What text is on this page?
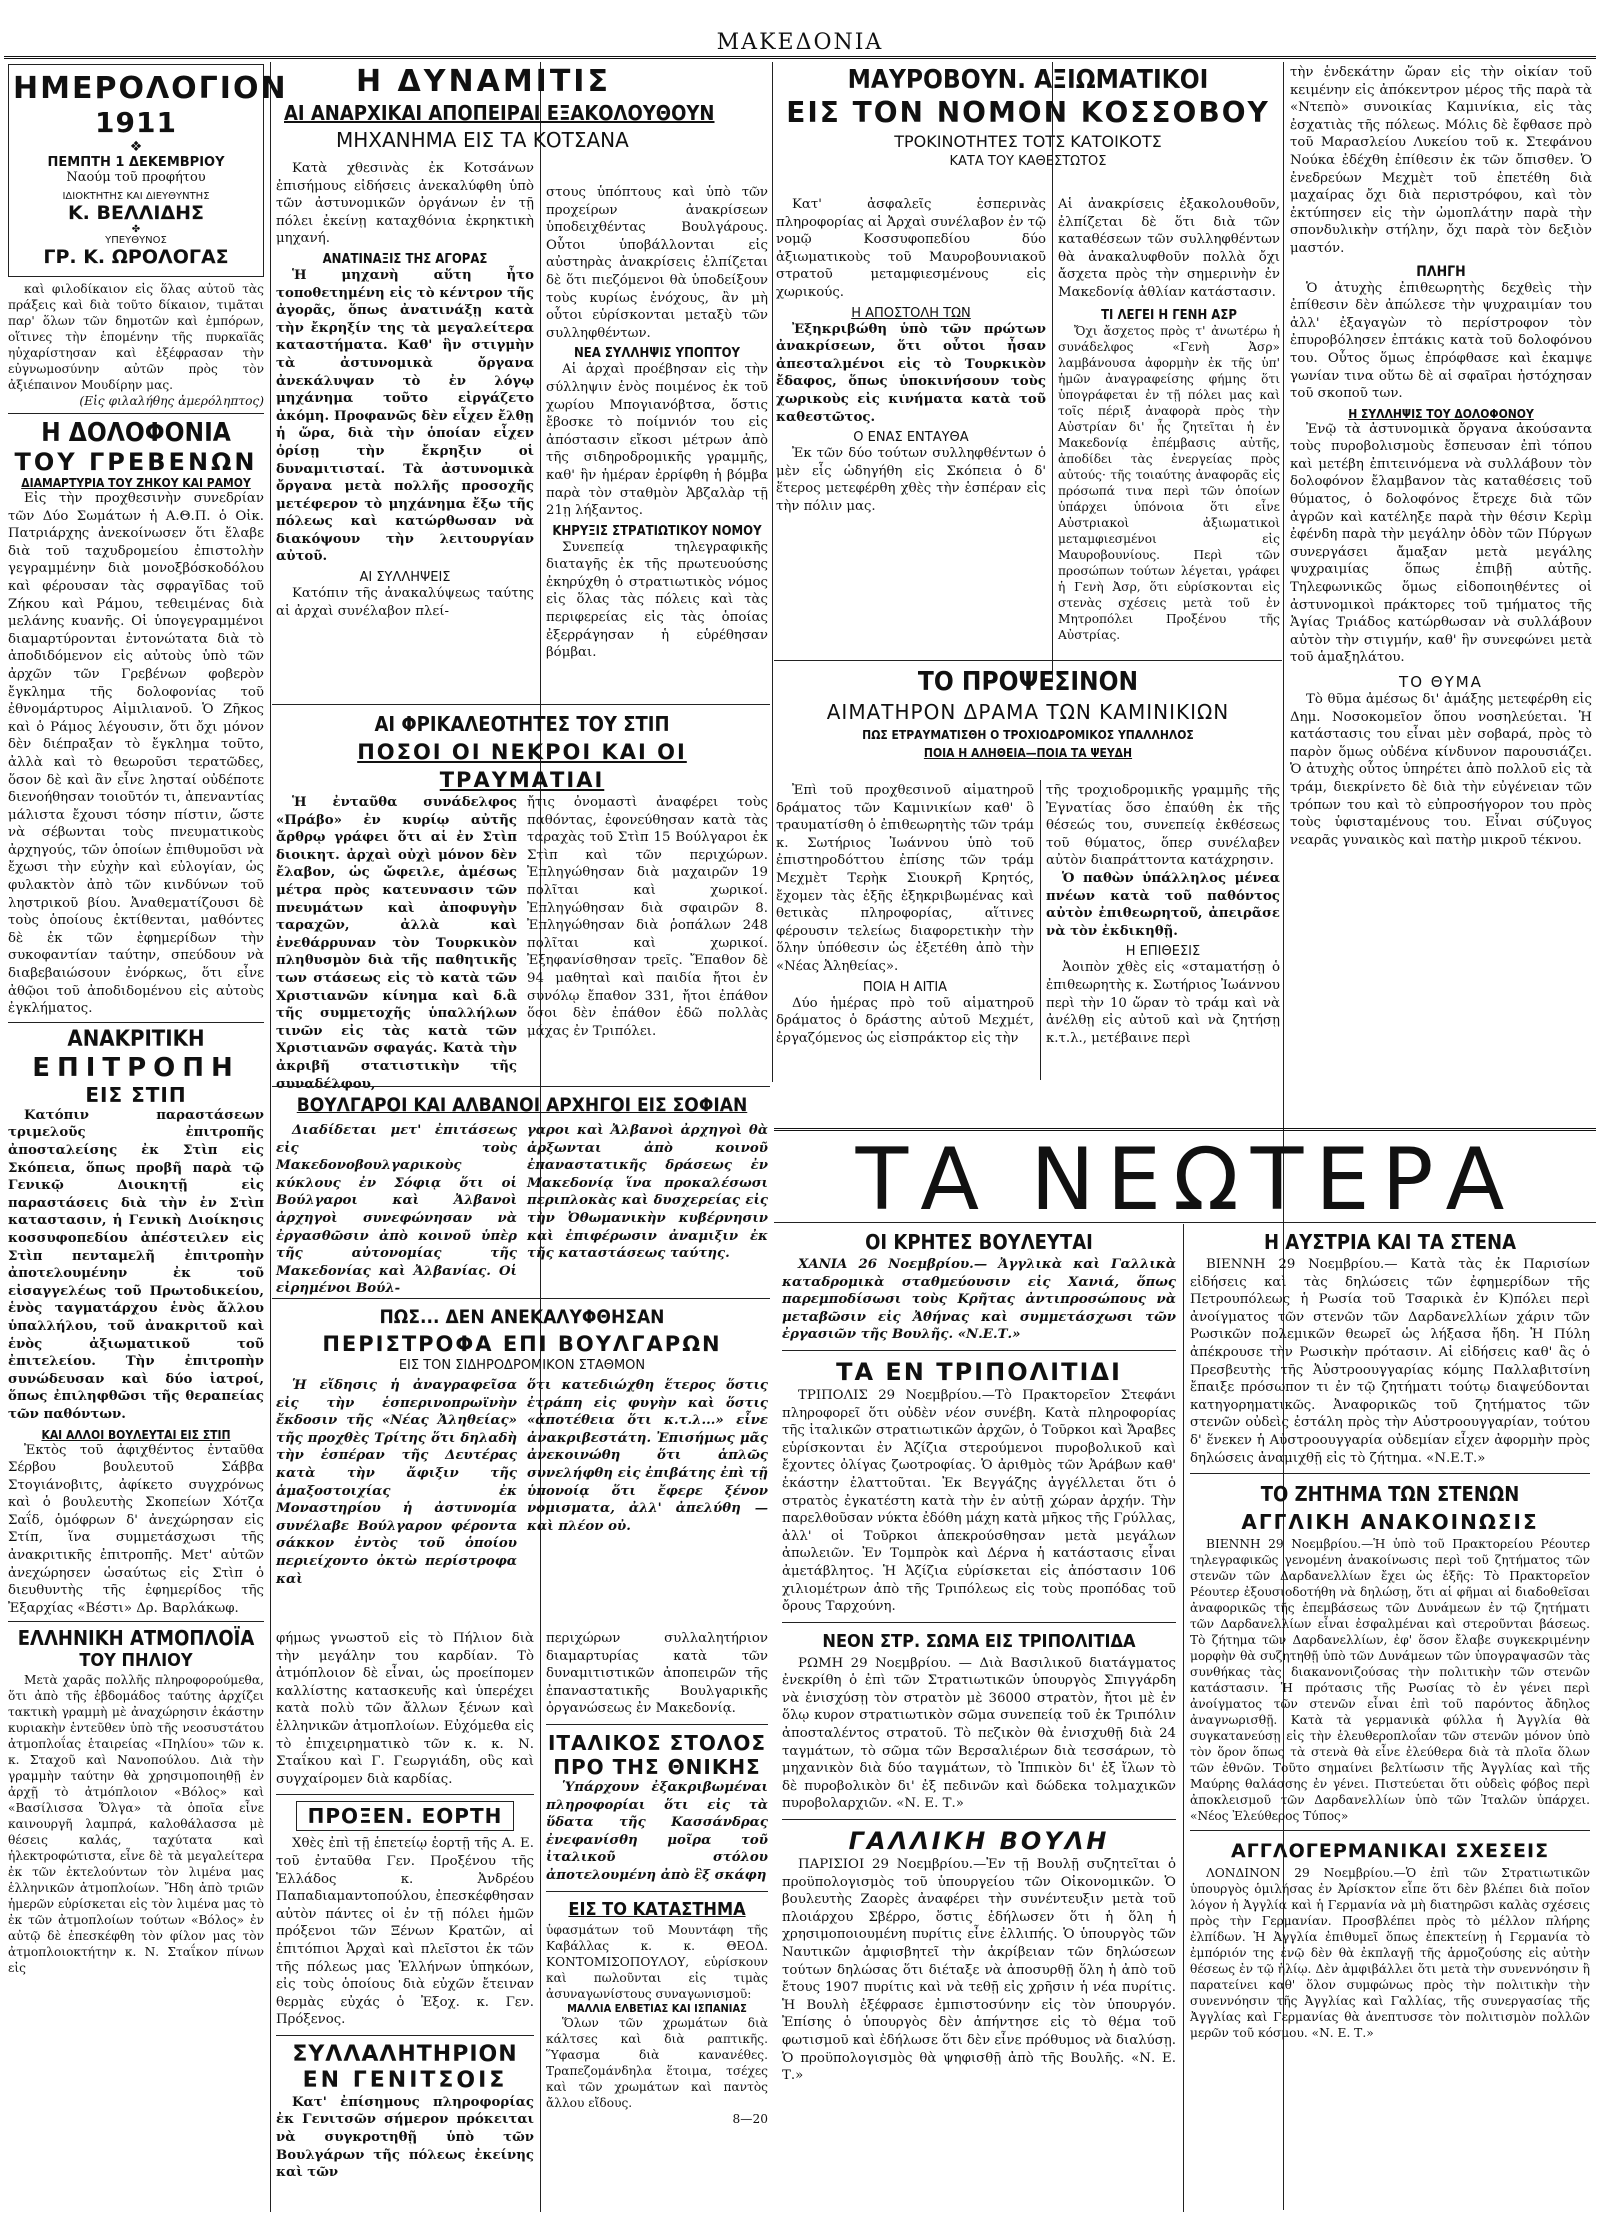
ΜΑΚΕΔΟΝΙΑ
ΗΜΕΡΟΛΟΓΙΟΝ
1911
❖
ΠΕΜΠΤΗ 1 ΔΕΚΕΜΒΡΙΟΥ
Ναούμ τοῦ προφήτου
ΙΔΙΟΚΤΗΤΗΣ ΚΑΙ ΔΙΕΥΘΥΝΤΗΣ
Κ. ΒΕΛΛΙΔΗΣ
✤
ΥΠΕΥΘΥΝΟΣ
ΓΡ. Κ. ΩΡΟΛΟΓΑΣ

καὶ φιλοδίκαιον εἰς ὅλας αὐτοῦ τὰς πράξεις καὶ διὰ τοῦτο δίκαιον, τιμᾶται παρ' ὅλων τῶν δημοτῶν καὶ ἐμπόρων, οἵτινες τὴν ἑπομένην τῆς πυρκαϊᾶς ηὐχαρίστησαν καὶ ἐξέφρασαν τὴν εὐγνωμοσύνην αὐτῶν πρὸς τὸν ἀξιέπαινον Μουδίρην μας.

(Εἰς φιλαλήθης ἀμερόληπτος)

Η ΔΟΛΟΦΟΝΙΑ
ΤΟΥ ΓΡΕΒΕΝΩΝ
ΔΙΑΜΑΡΤΥΡΙΑ ΤΟΥ ΖΗΚΟΥ ΚΑΙ ΡΑΜΟΥ

Εἰς τὴν προχθεσινὴν συνεδρίαν τῶν Δύο Σωμάτων ἡ Α.Θ.Π. ὁ Οἰκ. Πατριάρχης ἀνεκοίνωσεν ὅτι ἔλαβε διὰ τοῦ ταχυδρομείου ἐπιστολὴν γεγραμμένην διὰ μονοξβόσκοδόλου καὶ φέρουσαν τὰς σφραγῖδας τοῦ Ζήκου καὶ Ράμου, τεθειμένας διὰ μελάνης κυανῆς. Οἱ ὑπογεγραμμένοι διαμαρτύρονται ἐντονώτατα διὰ τὸ ἀποδιδόμενον εἰς αὐτοὺς ὑπὸ τῶν ἀρχῶν τῶν Γρεβένων φοβερὸν ἔγκλημα τῆς δολοφονίας τοῦ ἐθνομάρτυρος Αἰμιλιανοῦ. Ὁ Ζῆκος καὶ ὁ Ράμος λέγουσιν, ὅτι ὄχι μόνον δὲν διέπραξαν τὸ ἔγκλημα τοῦτο, ἀλλὰ καὶ τὸ θεωροῦσι τερατῶδες, ὅσον δὲ καὶ ἂν εἶνε λησταί οὐδέποτε διενοήθησαν τοιοῦτόν τι, ἀπεναντίας μάλιστα ἔχουσι τόσην πίστιν, ὥστε νὰ σέβωνται τοὺς πνευματικοὺς ἀρχηγούς, τῶν ὁποίων ἐπιθυμοῦσι νὰ ἔχωσι τὴν εὐχὴν καὶ εὐλογίαν, ὡς φυλακτὸν ἀπὸ τῶν κινδύνων τοῦ ληστρικοῦ βίου. Ἀναθεματίζουσι δὲ τοὺς ὁποίους ἐκτίθενται, μαθόντες δὲ ἐκ τῶν ἐφημερίδων τὴν συκοφαντίαν ταύτην, σπεύδουν νὰ διαβεβαιώσουν ἐνόρκως, ὅτι εἶνε ἀθῷοι τοῦ ἀποδιδομένου εἰς αὐτοὺς ἐγκλήματος.

ΑΝΑΚΡΙΤΙΚΗ
ΕΠΙΤΡΟΠΗ
ΕΙΣ ΣΤΙΠ

Κατόπιν παραστάσεων τριμελοῦς ἐπιτροπῆς ἀποσταλείσης ἐκ Στὶπ εἰς Σκόπεια, ὅπως προβῆ παρὰ τῷ Γενικῷ Διοικητῇ εἰς παραστάσεις διὰ τὴν ἐν Στὶπ καταστασιν, ἡ Γενικὴ Διοίκησις κοσσυφοπεδίου ἀπέστειλεν εἰς Στὶπ πενταμελῆ ἐπιτροπὴν ἀποτελουμένην ἐκ τοῦ εἰσαγγελέως τοῦ Πρωτοδικείου, ἑνὸς ταγματάρχου ἑνὸς ἄλλου ὑπαλλήλου, τοῦ ἀνακριτοῦ καὶ ἑνὸς ἀξιωματικοῦ τοῦ ἐπιτελείου. Τὴν ἐπιτροπὴν συνώδευσαν καὶ δύο ἰατροί, ὅπως ἐπιληφθῶσι τῆς θεραπείας τῶν παθόντων.

ΚΑΙ ΑΛΛΟΙ ΒΟΥΛΕΥΤΑΙ ΕΙΣ ΣΤΙΠ

Ἐκτὸς τοῦ ἀφιχθέντος ἐνταῦθα Σέρβου βουλευτοῦ Σάββα Στογιάνοβιτς, ἀφίκετο συγχρόνως καὶ ὁ βουλευτὴς Σκοπείων Χότζα Σαΐδ, ὁμόφρων δ' ἀνεχώρησαν εἰς Στίπ, ἵνα συμμετάσχωσι τῆς ἀνακριτικῆς ἐπιτροπῆς. Μετ' αὐτῶν ἀνεχώρησεν ὡσαύτως εἰς Στὶπ ὁ διευθυντὴς τῆς ἐφημερίδος τῆς Ἐξαρχίας «Βέστι» Δρ. Βαρλάκωφ.

ΕΛΛΗΝΙΚΗ ΑΤΜΟΠΛΟΪΑ
ΤΟΥ ΠΗΛΙΟΥ

Μετὰ χαρᾶς πολλῆς πληροφορούμεθα, ὅτι ἀπὸ τῆς ἑβδομάδος ταύτης ἀρχίζει τακτικὴ γραμμὴ μὲ ἀναχώρησιν ἑκάστην κυριακὴν ἐντεῦθεν ὑπὸ τῆς νεοσυστάτου ἀτμοπλοΐας ἑταιρείας «Πηλίου» τῶν κ. κ. Σταχοῦ καὶ Νανοπούλου. Διὰ τὴν γραμμὴν ταύτην θὰ χρησιμοποιηθῇ ἐν ἀρχῇ τὸ ἀτμόπλοιον «Βόλος» καὶ «Βασίλισσα Ὄλγα» τὰ ὁποῖα εἶνε καινουργῆ λαμπρά, καλοθάλασσα μὲ θέσεις καλάς, ταχύτατα καὶ ἠλεκτροφώτιστα, εἶνε δὲ τὰ μεγαλείτερα ἐκ τῶν ἐκτελούντων τὸν λιμένα μας ἑλληνικῶν ἀτμοπλοίων. Ἤδη ἀπὸ τριῶν ἡμερῶν εὑρίσκεται εἰς τὸν λιμένα μας τὸ ἐκ τῶν ἀτμοπλοίων τούτων «Βόλος» ἐν αὐτῷ δὲ ἐπεσκέφθη τὸν φίλον μας τὸν ἀτμοπλοιοκτήτην κ. Ν. Σταΐκον πίνων εἰς

Η ΔΥΝΑΜΙΤΙΣ
ΑΙ ΑΝΑΡΧΙΚΑΙ ΑΠΟΠΕΙΡΑΙ ΕΞΑΚΟΛΟΥΘΟΥΝ
ΜΗΧΑΝΗΜΑ ΕΙΣ ΤΑ ΚΟΤΣΑΝΑ

Κατὰ χθεσινὰς ἐκ Κοτσάνων ἐπισήμους εἰδήσεις ἀνεκαλύφθη ὑπὸ τῶν ἀστυνομικῶν ὀργάνων ἐν τῇ πόλει ἐκείνῃ καταχθόνια ἐκρηκτικὴ μηχανή.

ΑΝΑΤΙΝΑΞΙΣ ΤΗΣ ΑΓΟΡΑΣ

Ἡ μηχανὴ αὕτη ἦτο τοποθετημένη εἰς τὸ κέντρον τῆς ἀγορᾶς, ὅπως ἀνατινάξῃ κατὰ τὴν ἔκρηξίν της τὰ μεγαλείτερα καταστήματα. Καθ' ἣν στιγμὴν τὰ ἀστυνομικὰ ὄργανα ἀνεκάλυψαν τὸ ἐν λόγῳ μηχάνημα τοῦτο εἰργάζετο ἀκόμη. Προφανῶς δὲν εἶχεν ἔλθῃ ἡ ὥρα, διὰ τὴν ὁποίαν εἶχεν ὁρίσῃ τὴν ἔκρηξιν οἱ δυναμιτισταί. Τὰ ἀστυνομικὰ ὄργανα μετὰ πολλῆς προσοχῆς μετέφερον τὸ μηχάνημα ἔξω τῆς πόλεως καὶ κατώρθωσαν νὰ διακόψουν τὴν λειτουργίαν αὐτοῦ.

ΑΙ ΣΥΛΛΗΨΕΙΣ

Κατόπιν τῆς ἀνακαλύψεως ταύτης αἱ ἀρχαὶ συνέλαβον πλεί-

στους ὑπόπτους καὶ ὑπὸ τῶν προχείρων ἀνακρίσεων ὑποδειχθέντας Βουλγάρους. Οὗτοι ὑποβάλλονται εἰς αὐστηρὰς ἀνακρίσεις ἐλπίζεται δὲ ὅτι πιεζόμενοι θὰ ὑποδείξουν τοὺς κυρίως ἐνόχους, ἂν μὴ οὗτοι εὑρίσκονται μεταξὺ τῶν συλληφθέντων.

ΝΕΑ ΣΥΛΛΗΨΙΣ ΥΠΟΠΤΟΥ

Αἱ ἀρχαὶ προέβησαν εἰς τὴν σύλληψιν ἑνὸς ποιμένος ἐκ τοῦ χωρίου Μπογιανόβτσα, ὅστις ἔβοσκε τὸ ποίμνιόν του εἰς ἀπόστασιν εἴκοσι μέτρων ἀπὸ τῆς σιδηροδρομικῆς γραμμῆς, καθ' ἣν ἡμέραν ἐρρίφθη ἡ βόμβα παρὰ τὸν σταθμὸν Ἀβζαλὰρ τῇ 21ῃ λήξαντος.

ΚΗΡΥΞΙΣ ΣΤΡΑΤΙΩΤΙΚΟΥ ΝΟΜΟΥ

Συνεπείᾳ τηλεγραφικῆς διαταγῆς ἐκ τῆς πρωτευούσης ἐκηρύχθη ὁ στρατιωτικὸς νόμος εἰς ὅλας τὰς πόλεις καὶ τὰς περιφερείας εἰς τὰς ὁποίας ἐξερράγησαν ἡ εὑρέθησαν βόμβαι.

ΑΙ ΦΡΙΚΑΛΕΟΤΗΤΕΣ ΤΟΥ ΣΤΙΠ
ΠΟΣΟΙ ΟΙ ΝΕΚΡΟΙ ΚΑΙ ΟΙ ΤΡΑΥΜΑΤΙΑΙ

Ἡ ἐνταῦθα συνάδελφος «Πράβο» ἐν κυρίῳ αὐτῆς ἄρθρῳ γράφει ὅτι αἱ ἐν Στὶπ διοικητ. ἀρχαὶ οὐχὶ μόνον δὲν ἔλαβον, ὡς ὤφειλε, ἀμέσως μέτρα πρὸς κατευνασιν τῶν πνευμάτων καὶ ἀποφυγὴν ταραχῶν, ἀλλὰ καὶ ἐνεθάρρυναν τὸν Τουρκικὸν πληθυσμὸν διὰ τῆς παθητικῆς των στάσεως εἰς τὸ κατὰ τῶν Χριστιανῶν κίνημα καὶ δ.ἃ τῆς συμμετοχῆς ὑπαλλήλων τινῶν εἰς τὰς κατὰ τῶν Χριστιανῶν σφαγάς. Κατὰ τὴν ἀκριβῆ στατιστικὴν τῆς συναδέλφου,

ἤτις ὀνομαστὶ ἀναφέρει τοὺς παθόντας, ἐφονεύθησαν κατὰ τὰς ταραχὰς τοῦ Στὶπ 15 Βούλγαροι ἐκ Στὶπ καὶ τῶν περιχώρων. Ἐπληγώθησαν διὰ μαχαιρῶν 19 πολῖται καὶ χωρικοί. Ἐπληγώθησαν διὰ σφαιρῶν 8. Ἐπληγώθησαν διὰ ῥοπάλων 248 πολῖται καὶ χωρικοί. Ἐξηφανίσθησαν τρεῖς. Ἔπαθον δὲ 94 μαθηταὶ καὶ παιδία ἤτοι ἐν συνόλῳ ἔπαθον 331, ἤτοι ἐπάθον ὅσοι δὲν ἐπάθον ἐδῶ πολλὰς μάχας ἐν Τριπόλει.

ΒΟΥΛΓΑΡΟΙ ΚΑΙ ΑΛΒΑΝΟΙ ΑΡΧΗΓΟΙ ΕΙΣ ΣΟΦΙΑΝ

Διαδίδεται μετ' ἐπιτάσεως εἰς τοὺς Μακεδονοβουλγαρικοὺς κύκλους ἐν Σόφιᾳ ὅτι οἱ Βούλγαροι καὶ Ἀλβανοὶ ἀρχηγοὶ συνεφώνησαν νὰ ἐργασθῶσιν ἀπὸ κοινοῦ ὑπὲρ τῆς αὐτονομίας τῆς Μακεδονίας καὶ Ἀλβανίας. Οἱ εἰρημένοι Βούλ-

γαροι καὶ Ἀλβανοὶ ἀρχηγοὶ θὰ ἀρξωνται ἀπὸ κοινοῦ ἐπαναστατικῆς δράσεως ἐν Μακεδονίᾳ ἵνα προκαλέσωσι περιπλοκὰς καὶ δυσχερείας εἰς τὴν Ὀθωμανικὴν κυβέρνησιν καὶ ἐπιφέρωσιν ἀναμιξιν ἐκ τῆς καταστάσεως ταύτης.

ΠΩΣ... ΔΕΝ ΑΝΕΚΑΛΥΦΘΗΣΑΝ
ΠΕΡΙΣΤΡΟΦΑ ΕΠΙ ΒΟΥΛΓΑΡΩΝ
ΕΙΣ ΤΟΝ ΣΙΔΗΡΟΔΡΟΜΙΚΟΝ ΣΤΑΘΜΟΝ

Ἡ εἴδησις ἡ ἀναγραφεῖσα εἰς τὴν ἑσπερινοπρωϊνὴν ἔκδοσιν τῆς «Νέας Ἀληθείας» τῆς προχθὲς Τρίτης ὅτι δηλαδὴ τὴν ἑσπέραν τῆς Δευτέρας κατὰ τὴν ἄφιξιν τῆς ἁμαξοστοιχίας ἐκ Μοναστηρίου ἡ ἀστυνομία συνέλαβε Βούλγαρον φέροντα σάκκον ἐντὸς τοῦ ὁποίου περιείχοντο ὀκτὼ περίστροφα καὶ

ὅτι κατεδιώχθη ἕτερος ὅστις ἐτράπη εἰς φυγὴν καὶ ὅστις «ἀποτέθεια ὅτι κ.τ.λ...» εἶνε ἀνακριβεστάτη. Ἐπισήμως μᾶς ἀνεκοινώθη ὅτι ἁπλῶς συνελήφθη εἰς ἐπιβάτης ἐπὶ τῇ ὑπονοίᾳ ὅτι ἔφερε ξένον νομισματα, ἀλλ' ἀπελύθη — καὶ πλέον οὐ.

φήμως γνωστοῦ εἰς τὸ Πήλιον διὰ τὴν μεγάλην του καρδίαν. Τὸ ἀτμόπλοιον δὲ εἶναι, ὡς προείπομεν καλλίστης κατασκευῆς καὶ ὑπερέχει κατὰ πολὺ τῶν ἄλλων ξένων καὶ ἑλληνικῶν ἀτμοπλοίων. Εὐχόμεθα εἰς τὸ ἐπιχειρηματικὸ τῶν κ. κ. Ν. Σταΐκου καὶ Γ. Γεωργιάδη, οὓς καὶ συγχαίρομεν διὰ καρδίας.

ΠΡΟΞΕΝ. ΕΟΡΤΗ

Χθὲς ἐπὶ τῇ ἑπετείῳ ἑορτῇ τῆς Α. Ε. τοῦ ἐνταῦθα Γεν. Προξένου τῆς Ἑλλάδος κ. Ἀνδρέου Παπαδιαμαντοπούλου, ἐπεσκέφθησαν αὐτὸν πάντες οἱ ἐν τῇ πόλει ἡμῶν πρόξενοι τῶν Ξένων Κρατῶν, αἱ ἐπιτόπιοι Ἀρχαὶ καὶ πλεῖστοι ἐκ τῶν τῆς πόλεως μας Ἑλλήνων ὑπηκόων, εἰς τοὺς ὁποίους διὰ εὐχῶν ἔτειναν θερμὰς εὐχάς ὁ Ἐξοχ. κ. Γεν. Πρόξενος.

ΣΥΛΛΑΛΗΤΗΡΙΟΝ
ΕΝ ΓΕΝΙΤΣΟΙΣ

Κατ' ἐπίσημους πληροφορίας ἐκ Γενιτσῶν σήμερον πρόκειται νὰ συγκροτηθῇ ὑπὸ τῶν Βουλγάρων τῆς πόλεως ἐκείνης καὶ τῶν

περιχώρων συλλαλητήριον διαμαρτυρίας κατὰ τῶν δυναμιτιστικῶν ἀποπειρῶν τῆς ἐπαναστατικῆς Βουλγαρικῆς ὀργανώσεως ἐν Μακεδονίᾳ.

ΙΤΑΛΙΚΟΣ ΣΤΟΛΟΣ
ΠΡΟ ΤΗΣ ΘΝΙΚΗΣ

Ὑπάρχουν ἐξακριβωμέναι πληροφορίαι ὅτι εἰς τὰ ὕδατα τῆς Κασσάνδρας ἐνεφανίσθη μοῖρα τοῦ ἰταλικοῦ στόλου ἀποτελουμένη ἀπὸ ἓξ σκάφη

ΕΙΣ ΤΟ ΚΑΤΑΣΤΗΜΑ

ὑφασμάτων τοῦ Μουντάφη τῆς Καβάλλας κ. κ. ΘΕΟΔ. ΚΟΝΤΟΜΙΣΟΠΟΥΛΟΥ, εὑρίσκουν καὶ πωλοῦνται εἰς τιμὰς ἀσυναγωνίστους συναγωνισμοῦ:

ΜΑΛΛΙΑ ΕΛΒΕΤΙΑΣ ΚΑΙ ΙΣΠΑΝΙΑΣ

Ὅλων τῶν χρωμάτων διὰ κάλτσες καὶ διὰ ραπτικῆς. Ὕφασμα διὰ κανανέθες. Τραπεζομάνδηλα ἕτοιμα, τσέχες καὶ τῶν χρωμάτων καὶ παντὸς ἄλλου εἴδους.

8—20

ΜΑΥΡΟΒΟΥΝ. ΑΞΙΩΜΑΤΙΚΟΙ
ΕΙΣ ΤΟΝ ΝΟΜΟΝ ΚΟΣΣΟΒΟΥ
ΤΡΟΚΙΝΟΤΗΤΕΣ ΤΟΤΣ ΚΑΤΟΙΚΟΤΣ
ΚΑΤΑ ΤΟΥ ΚΑΘΕΣΤΩΤΟΣ

Κατ' ἀσφαλεῖς ἑσπερινὰς πληροφορίας αἱ Ἀρχαὶ συνέλαβον ἐν τῷ νομῷ Κοσσυφοπεδίου δύο ἀξιωματικοὺς τοῦ Μαυροβουνιακοῦ στρατοῦ μεταμφιεσμένους εἰς χωρικούς.

Η ΑΠΟΣΤΟΛΗ ΤΩΝ

Ἐξηκριβώθη ὑπὸ τῶν πρώτων ἀνακρίσεων, ὅτι οὗτοι ἦσαν ἀπεσταλμένοι εἰς τὸ Τουρκικὸν ἔδαφος, ὅπως ὑποκινήσουν τοὺς χωρικοὺς εἰς κινήματα κατὰ τοῦ καθεστῶτος.

Ο ΕΝΑΣ ΕΝΤΑΥΘΑ

Ἐκ τῶν δύο τούτων συλληφθέντων ὁ μὲν εἷς ὡδηγήθη εἰς Σκόπεια ὁ δ' ἕτερος μετεφέρθη χθὲς τὴν ἑσπέραν εἰς τὴν πόλιν μας.

Αἱ ἀνακρίσεις ἐξακολουθοῦν, ἐλπίζεται δὲ ὅτι διὰ τῶν καταθέσεων τῶν συλληφθέντων θὰ ἀνακαλυφθοῦν πολλὰ ὄχι ἄσχετα πρὸς τὴν σημερινὴν ἐν Μακεδονίᾳ ἀθλίαν κατάστασιν.

ΤΙ ΛΕΓΕΙ Η ΓΕΝΗ ΑΣΡ

Ὄχι ἄσχετος πρὸς τ' ἀνωτέρω ἡ συνάδελφος «Γενὴ Ἀσρ» λαμβάνουσα ἀφορμὴν ἐκ τῆς ὑπ' ἡμῶν ἀναγραφείσης φήμης ὅτι ὑπογράφεται ἐν τῇ πόλει μας καὶ τοῖς πέριξ ἀναφορὰ πρὸς τὴν Αὐστρίαν δι' ἧς ζητεῖται ἡ ἐν Μακεδονίᾳ ἐπέμβασις αὐτῆς, ἀποδίδει τὰς ἐνεργείας πρὸς αὐτούς· τῆς τοιαύτης ἀναφορᾶς εἰς πρόσωπά τινα περὶ τῶν ὁποίων ὑπάρχει ὑπόνοια ὅτι εἶνε Αὐστριακοὶ ἀξιωματικοὶ μεταμφιεσμένοι εἰς Μαυροβουνίους. Περὶ τῶν προσώπων τούτων λέγεται, γράφει ἡ Γενὴ Ἀσρ, ὅτι εὑρίσκονται εἰς στενὰς σχέσεις μετὰ τοῦ ἐν Μητροπόλει Προξένου τῆς Αὐστρίας.

ΤΟ ΠΡΟΨΕΣΙΝΟΝ
ΑΙΜΑΤΗΡΟΝ ΔΡΑΜΑ ΤΩΝ ΚΑΜΙΝΙΚΙΩΝ
ΠΩΣ ΕΤΡΑΥΜΑΤΙΣΘΗ Ο ΤΡΟΧΙΟΔΡΟΜΙΚΟΣ ΥΠΑΛΛΗΛΟΣ
ΠΟΙΑ Η ΑΛΗΘΕΙΑ—ΠΟΙΑ ΤΑ ΨΕΥΔΗ

Ἐπὶ τοῦ προχθεσινοῦ αἱματηροῦ δράματος τῶν Καμινικίων καθ' ὃ τραυματίσθη ὁ ἐπιθεωρητὴς τῶν τράμ κ. Σωτήριος Ἰωάννου ὑπὸ τοῦ ἐπιστηροδόττου ἐπίσης τῶν τράμ Μεχμὲτ Τερὴκ Σιουκρῆ Κρητός, ἔχομεν τὰς ἑξῆς ἐξηκριβωμένας καὶ θετικὰς πληροφορίας, αἵτινες φέρουσιν τελείως διαφορετικὴν τὴν ὅλην ὑπόθεσιν ὡς ἐξετέθη ἀπὸ τὴν «Νέας Ἀληθείας».

ΠΟΙΑ Η ΑΙΤΙΑ

Δύο ἡμέρας πρὸ τοῦ αἱματηροῦ δράματος ὁ δράστης αὐτοῦ Μεχμέτ, ἐργαζόμενος ὡς εἰσπράκτορ εἰς τὴν

τῆς τροχιοδρομικῆς γραμμῆς τῆς Ἐγνατίας ὅσο ἐπαύθη ἐκ τῆς θέσεώς του, συνεπείᾳ ἐκθέσεως τοῦ θύματος, ὅπερ συνέλαβεν αὐτὸν διαπράττοντα κατάχρησιν.

Ὁ παθὼν ὑπάλληλος μένεα πνέων κατὰ τοῦ παθόντος αὐτὸν ἐπιθεωρητοῦ, ἀπειρᾶσε νὰ τὸν ἐκδικηθῇ.

Η ΕΠΙΘΕΣΙΣ

Ἀοιπὸν χθὲς εἰς «σταματήσῃ ὁ ἐπιθεωρητὴς κ. Σωτήριος Ἰωάννου περὶ τὴν 10 ὥραν τὸ τράμ καὶ νὰ ἀνέλθῃ εἰς αὐτοῦ καὶ νὰ ζητήσῃ κ.τ.λ., μετέβαινε περὶ

τὴν ἑνδεκάτην ὥραν εἰς τὴν οἰκίαν τοῦ κειμένην εἰς ἀπόκεντρον μέρος τῆς παρὰ τὰ «Ντεπὸ» συνοικίας Καμινίκια, εἰς τὰς ἐσχατιὰς τῆς πόλεως. Μόλις δὲ ἔφθασε πρὸ τοῦ Μαρασλείου Λυκείου τοῦ κ. Στεφάνου Νούκα ἐδέχθη ἐπίθεσιν ἐκ τῶν ὄπισθεν. Ὁ ἐνεδρεύων Μεχμὲτ τοῦ ἐπετέθη διὰ μαχαίρας ὄχι διὰ περιστρόφου, καὶ τὸν ἐκτύπησεν εἰς τὴν ὠμοπλάτην παρὰ τὴν σπονδυλικὴν στήλην, ὄχι παρὰ τὸν δεξιὸν μαστόν.

ΠΛΗΓΗ

Ὁ ἀτυχὴς ἐπιθεωρητὴς δεχθεὶς τὴν ἐπίθεσιν δὲν ἀπώλεσε τὴν ψυχραιμίαν του ἀλλ' ἐξαγαγὼν τὸ περίστροφον τὸν ἐπυροβόλησεν ἐπτάκις κατὰ τοῦ δολοφόνου του. Οὗτος ὅμως ἐπρόφθασε καὶ ἐκαμψε γωνίαν τινα οὕτω δὲ αἱ σφαῖραι ἠστόχησαν τοῦ σκοποῦ των.

Η ΣΥΛΛΗΨΙΣ ΤΟΥ ΔΟΛΟΦΟΝΟΥ

Ἐνῷ τὰ ἀστυνομικὰ ὄργανα ἀκούσαντα τοὺς πυροβολισμοὺς ἔσπευσαν ἐπὶ τόπου καὶ μετέβη ἐπιτεινόμενα νὰ συλλάβουν τὸν δολοφόνον ἔλαμβανον τὰς καταθέσεις τοῦ θύματος, ὁ δολοφόνος ἔτρεχε διὰ τῶν ἀγρῶν καὶ κατέληξε παρὰ τὴν θέσιν Κερὶμ ἐφένδη παρὰ τὴν μεγάλην ὁδὸν τῶν Πύργων συνεργάσει ἄμαξαν μετὰ μεγάλης ψυχραιμίας ὅπως ἐπιβῇ αὐτῆς. Τηλεφωνικῶς ὅμως εἰδοποιηθέντες οἱ ἀστυνομικοὶ πράκτορες τοῦ τμήματος τῆς Ἁγίας Τριάδος κατώρθωσαν νὰ συλλάβουν αὐτὸν τὴν στιγμήν, καθ' ἣν συνεφώνει μετὰ τοῦ ἁμαξηλάτου.

ΤΟ ΘΥΜΑ

Τὸ θῦμα ἀμέσως δι' ἁμάξης μετεφέρθη εἰς Δημ. Νοσοκομεῖον ὅπου νοσηλεύεται. Ἡ κατάστασις του εἶναι μὲν σοβαρά, πρὸς τὸ παρὸν ὅμως οὐδένα κίνδυνον παρουσιάζει. Ὁ ἀτυχὴς οὗτος ὑπηρέτει ἀπὸ πολλοῦ εἰς τὰ τράμ, διεκρίνετο δὲ διὰ τὴν εὐγένειαν τῶν τρόπων του καὶ τὸ εὐπροσήγορον του πρὸς τοὺς ὑφισταμένους του. Εἶναι σύζυγος νεαρᾶς γυναικὸς καὶ πατὴρ μικροῦ τέκνου.

ΤΑ ΝΕΩΤΕΡΑ
ΟΙ ΚΡΗΤΕΣ ΒΟΥΛΕΥΤΑΙ

ΧΑΝΙΑ 26 Νοεμβρίου.— Ἀγγλικὰ καὶ Γαλλικὰ καταδρομικὰ σταθμεύουσιν εἰς Χανιά, ὅπως παρεμποδίσωσι τοὺς Κρῆτας ἀντιπροσώπους νὰ μεταβῶσιν εἰς Ἀθήνας καὶ συμμετάσχωσι τῶν ἐργασιῶν τῆς Βουλῆς. «Ν.Ε.Τ.»

ΤΑ ΕΝ ΤΡΙΠΟΛΙΤΙΔΙ

ΤΡΙΠΟΛΙΣ 29 Νοεμβρίου.—Τὸ Πρακτορεῖον Στεφάνι πληροφορεῖ ὅτι οὐδὲν νέον συνέβη. Κατὰ πληροφορίας τῆς ἰταλικῶν στρατιωτικῶν ἀρχῶν, ὁ Τοῦρκοι καὶ Ἄραβες εὑρίσκονται ἐν Ἀζίζια στερούμενοι πυροβολικοῦ καὶ ἔχοντες ὀλίγας ζωοτροφίας. Ὁ ἀριθμὸς τῶν Ἀράβων καθ' ἑκάστην ἐλαττοῦται. Ἐκ Βεγγάζης ἀγγέλλεται ὅτι ὁ στρατὸς ἐγκατέστη κατὰ τὴν ἐν αὐτῇ χώραν ἀρχήν. Τὴν παρελθοῦσαν νύκτα ἐδόθη μάχη κατὰ μῆκος τῆς Γρύλλας, ἀλλ' οἱ Τοῦρκοι ἀπεκρούσθησαν μετὰ μεγάλων ἀπωλειῶν. Ἐν Τομπρὸκ καὶ Δέρνα ἡ κατάστασις εἶναι ἀμετάβλητος. Ἡ Ἀζίζια εὑρίσκεται εἰς ἀπόστασιν 106 χιλιομέτρων ἀπὸ τῆς Τριπόλεως εἰς τοὺς προπόδας τοῦ ὄρους Ταρχούνη.

ΝΕΟΝ ΣΤΡ. ΣΩΜΑ ΕΙΣ ΤΡΙΠΟΛΙΤΙΔΑ

ΡΩΜΗ 29 Νοεμβρίου. — Διὰ Βασιλικοῦ διατάγματος ἐνεκρίθη ὁ ἐπὶ τῶν Στρατιωτικῶν ὑπουργὸς Σπιγγάρδη νὰ ἐνισχύσῃ τὸν στρατὸν μὲ 36000 στρατὸν, ἤτοι μὲ ἐν ὅλῳ κυρον στρατιωτικὸν σῶμα συνεπείᾳ τοῦ ἐκ Τριπόλιν ἀποσταλέντος στρατοῦ. Τὸ πεζικὸν θὰ ἐνισχυθῇ διὰ 24 ταγμάτων, τὸ σῶμα τῶν Βερσαλιέρων διὰ τεσσάρων, τὸ μηχανικὸν διὰ δύο ταγμάτων, τὸ Ἱππικὸν δι' ἐξ ἴλων τὸ δὲ πυροβολικὸν δι' ἐξ πεδινῶν καὶ δώδεκα τολμαχικῶν πυροβολαρχιῶν. «Ν. Ε. Τ.»

ΓΑΛΛΙΚΗ ΒΟΥΛΗ

ΠΑΡΙΣΙΟΙ 29 Νοεμβρίου.—Ἐν τῇ Βουλῇ συζητεῖται ὁ προϋπολογισμὸς τοῦ ὑπουργείου τῶν Οἰκονομικῶν. Ὁ βουλευτὴς Ζαορὲς ἀναφέρει τὴν συνέντευξιν μετὰ τοῦ πλοιάρχου Σβέρρο, ὅστις ἐδήλωσεν ὅτι ἡ ὅλη ἡ χρησιμοποιουμένη πυρίτις εἶνε ἐλλιπής. Ὁ ὑπουργὸς τῶν Ναυτικῶν ἀμφισβητεῖ τὴν ἀκρίβειαν τῶν δηλώσεων τούτων δηλώσας ὅτι διέταξε νὰ ἀποσυρθῇ ὅλη ἡ ἀπὸ τοῦ ἔτους 1907 πυρίτις καὶ νὰ τεθῇ εἰς χρῆσιν ἡ νέα πυρίτις. Ἡ Βουλὴ ἐξέφρασε ἐμπιστοσύνην εἰς τὸν ὑπουργόν. Ἐπίσης ὁ ὑπουργὸς δὲν ἀπήντησε εἰς τὸ θέμα τοῦ φωτισμοῦ καὶ ἐδήλωσε ὅτι δὲν εἶνε πρόθυμος νὰ διαλύσῃ. Ὁ προϋπολογισμὸς θὰ ψηφισθῇ ἀπὸ τῆς Βουλῆς. «Ν. Ε. Τ.»

Η ΑΥΣΤΡΙΑ ΚΑΙ ΤΑ ΣΤΕΝΑ

ΒΙΕΝΝΗ 29 Νοεμβρίου.— Κατὰ τὰς ἐκ Παρισίων εἰδήσεις καὶ τὰς δηλώσεις τῶν ἐφημερίδων τῆς Πετρουπόλεως ἡ Ρωσία τοῦ Τσαρικὰ ἐν Κ)πόλει περὶ ἀνοίγματος τῶν στενῶν τῶν Δαρδανελλίων χάριν τῶν Ρωσικῶν πολεμικῶν θεωρεῖ ὡς λήξασα ἤδη. Ἡ Πύλη ἀπέκρουσε τὴν Ρωσικὴν πρότασιν. Αἱ εἰδήσεις καθ' ἃς ὁ Πρεσβευτὴς τῆς Ἀὐστροουγγαρίας κόμης Παλλαβιτσίνη ἔπαιξε πρόσωπον τι ἐν τῷ ζητήματι τούτῳ διαψεύδονται κατηγορηματικῶς. Ἀναφορικῶς τοῦ ζητήματος τῶν στενῶν οὐδεὶς ἐστάλη πρὸς τὴν Αὐστροουγγαρίαν, τούτου δ' ἕνεκεν ἡ Αὐστροουγγαρία οὐδεμίαν εἶχεν ἀφορμὴν πρὸς δηλώσεις ἀναμιχθῇ εἰς τὸ ζήτημα. «Ν.Ε.Τ.»

ΤΟ ΖΗΤΗΜΑ ΤΩΝ ΣΤΕΝΩΝ
ΑΓΓΛΙΚΗ ΑΝΑΚΟΙΝΩΣΙΣ

ΒΙΕΝΝΗ 29 Νοεμβρίου.—Ἡ ὑπὸ τοῦ Πρακτορείου Ρέουτερ τηλεγραφικῶς γενομένη ἀνακοίνωσις περὶ τοῦ ζητήματος τῶν στενῶν τῶν Δαρδανελλίων ἔχει ὡς ἑξῆς: Τὸ Πρακτορεῖον Ρέουτερ ἐξουσιοδοτήθη νὰ δηλώσῃ, ὅτι αἱ φῆμαι αἱ διαδοθεῖσαι ἀναφορικῶς τῆς ἐπεμβάσεως τῶν Δυνάμεων ἐν τῷ ζητήματι τῶν Δαρδανελλίων εἶναι ἐσφαλμέναι καὶ στεροῦνται βάσεως. Τὸ ζήτημα τῶν Δαρδανελλίων, ἐφ' ὅσον ἔλαβε συγκεκριμένην μορφὴν θὰ συζητηθῇ ὑπὸ τῶν Δυνάμεων τῶν ὑπογραψασῶν τὰς συνθήκας τὰς διακανονιζούσας τὴν πολιτικὴν τῶν στενῶν κατάστασιν. Ἡ πρότασις τῆς Ρωσίας τὸ ἐν γένει περὶ ἀνοίγματος τῶν στενῶν εἶναι ἐπὶ τοῦ παρόντος ἄδηλος ἀναγνωρισθῇ. Κατὰ τὰ γερμανικὰ φύλλα ἡ Ἀγγλία θὰ συγκατανεύσῃ εἰς τὴν ἐλευθεροπλοΐαν τῶν στενῶν μόνον ὑπὸ τὸν ὅρον ὅπως τὰ στενὰ θὰ εἶνε ἐλεύθερα διὰ τὰ πλοῖα ὅλων τῶν ἐθνῶν. Τοῦτο σημαίνει βελτίωσιν τῆς Ἀγγλίας καὶ τῆς Μαύρης θαλάσσης ἐν γένει. Πιστεύεται ὅτι οὐδεὶς φόβος περὶ ἀποκλεισμοῦ τῶν Δαρδανελλίων ὑπὸ τῶν Ἰταλῶν ὑπάρχει. «Νέος Ἐλεύθερος Τύπος»

ΑΓΓΛΟΓΕΡΜΑΝΙΚΑΙ ΣΧΕΣΕΙΣ

ΛΟΝΔΙΝΟΝ 29 Νοεμβρίου.—Ὁ ἐπὶ τῶν Στρατιωτικῶν ὑπουργὸς ὁμιλήσας ἐν Ἀρίσκτον εἶπε ὅτι δὲν βλέπει διὰ ποῖον λόγον ἡ Ἀγγλία καὶ ἡ Γερμανία νὰ μὴ διατηρῶσι καλὰς σχέσεις πρὸς τὴν Γερμανίαν. Προσβλέπει πρὸς τὸ μέλλον πλήρης ἐλπίδων. Ἡ Ἀγγλία ἐπιθυμεῖ ὅπως ἐπεκτείνῃ ἡ Γερμανία τὸ ἐμπόριόν της ἐνῷ δὲν θὰ ἐκπλαγῇ τῆς ἁρμοζούσης εἰς αὐτὴν θέσεως ἐν τῷ ἡλίῳ. Δὲν ἀμφιβάλλει ὅτι μετὰ τὴν συνεννόησιν ἢ παρατείνει καθ' ὅλον συμφώνως πρὸς τὴν πολιτικὴν τὴν συνεννόησιν τῆς Ἀγγλίας καὶ Γαλλίας, τῆς συνεργασίας τῆς Ἀγγλίας καὶ Γερμανίας θὰ ἀνεπτυσσε τὸν πολιτισμὸν πολλῶν μερῶν τοῦ κόσμου. «Ν. Ε. Τ.»
